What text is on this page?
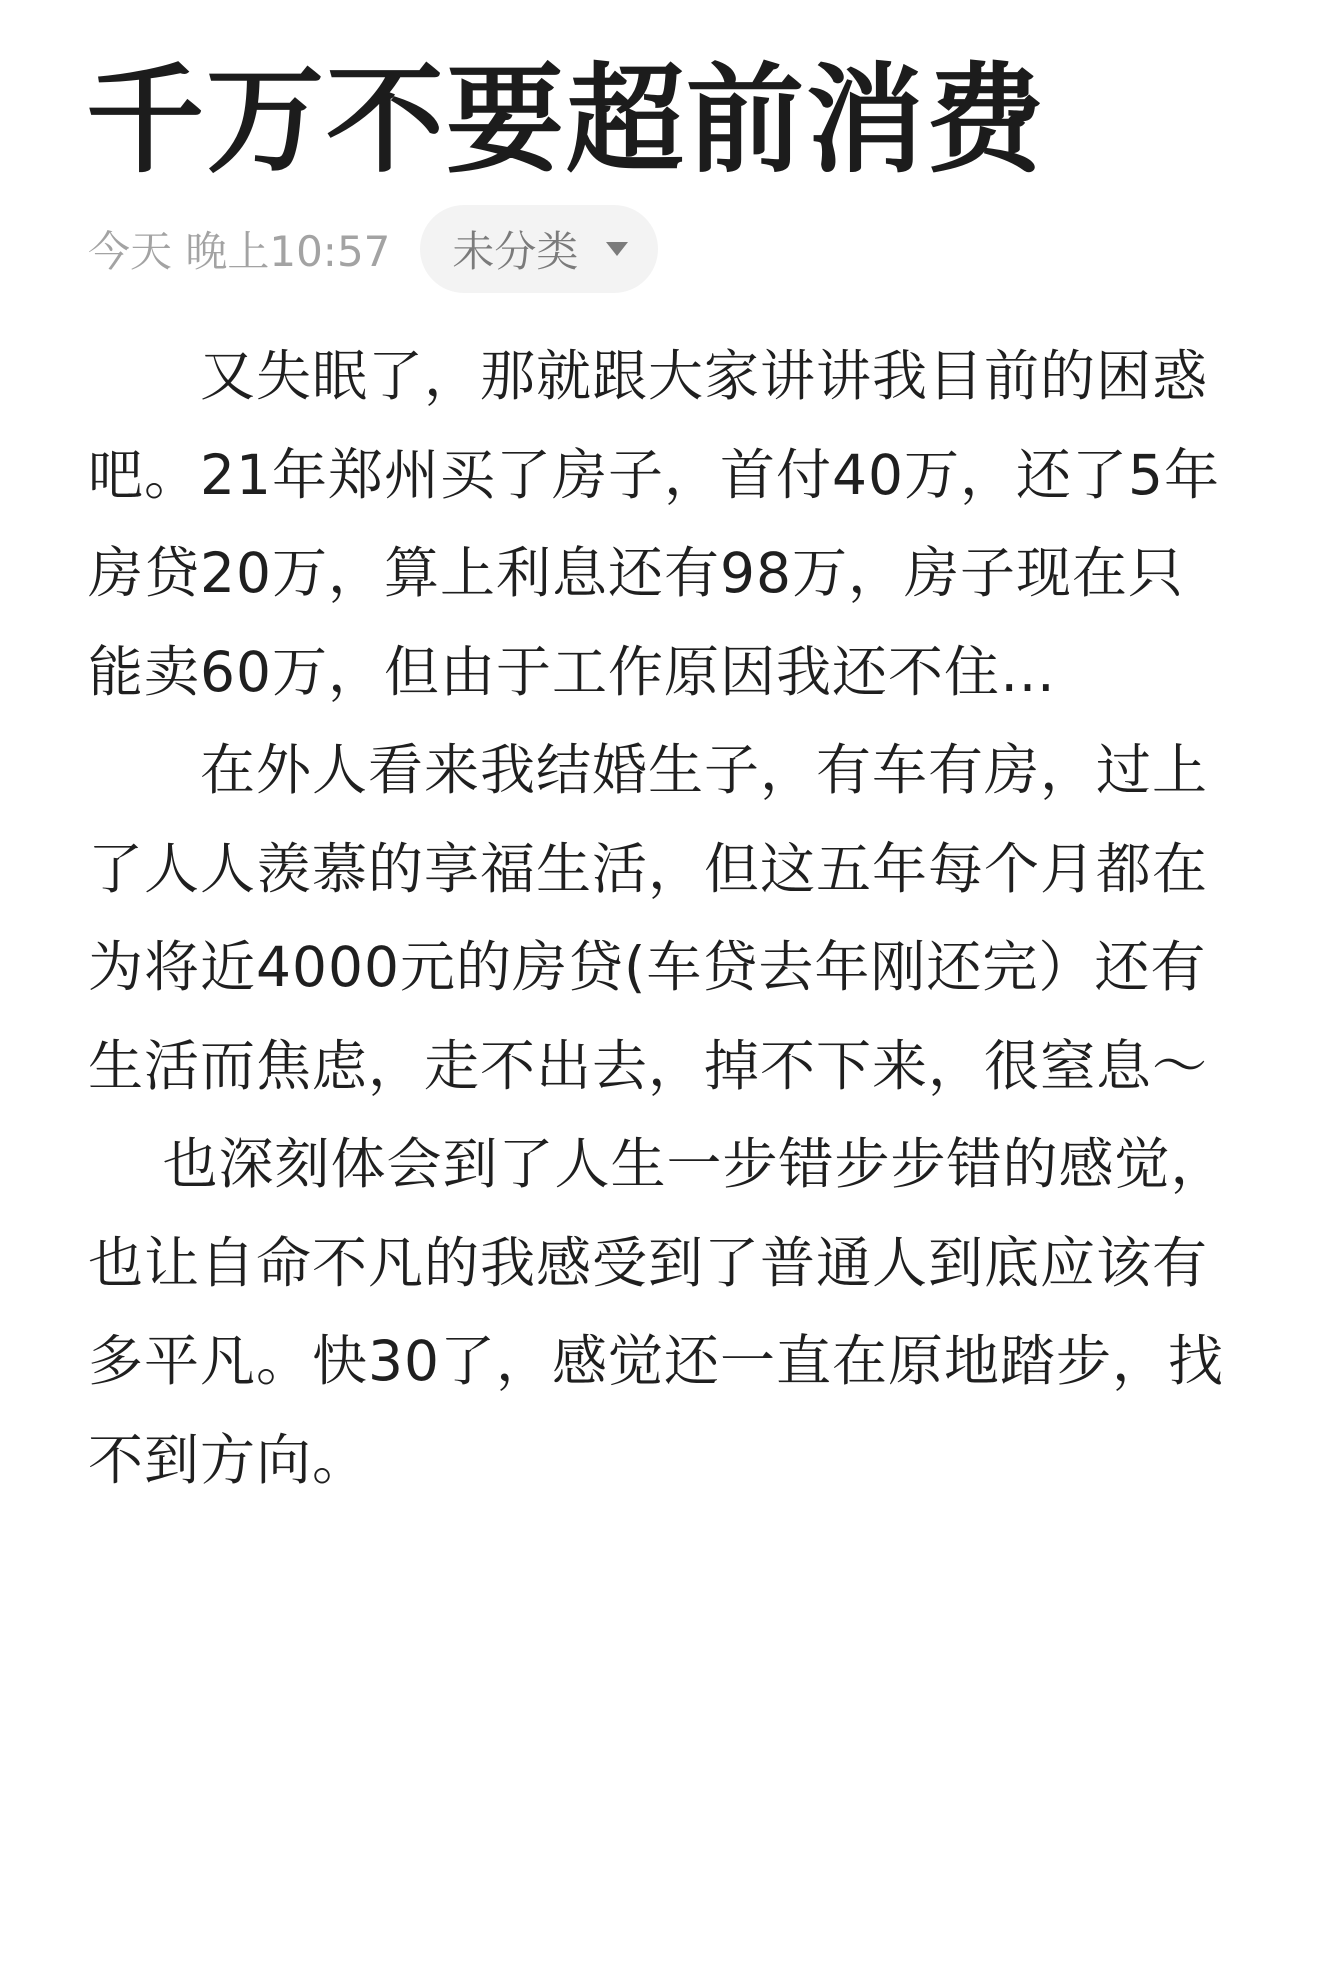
千万不要超前消费
今天 晚上10:57 未分类

　　又失眠了，那就跟大家讲讲我目前的困惑吧。21年郑州买了房子，首付40万，还了5年房贷20万，算上利息还有98万，房子现在只能卖60万，但由于工作原因我还不住…

　　在外人看来我结婚生子，有车有房，过上了人人羡慕的享福生活，但这五年每个月都在为将近4000元的房贷(车贷去年刚还完）还有生活而焦虑，走不出去，掉不下来，很窒息～

　 也深刻体会到了人生一步错步步错的感觉，也让自命不凡的我感受到了普通人到底应该有多平凡。快30了，感觉还一直在原地踏步，找不到方向。
